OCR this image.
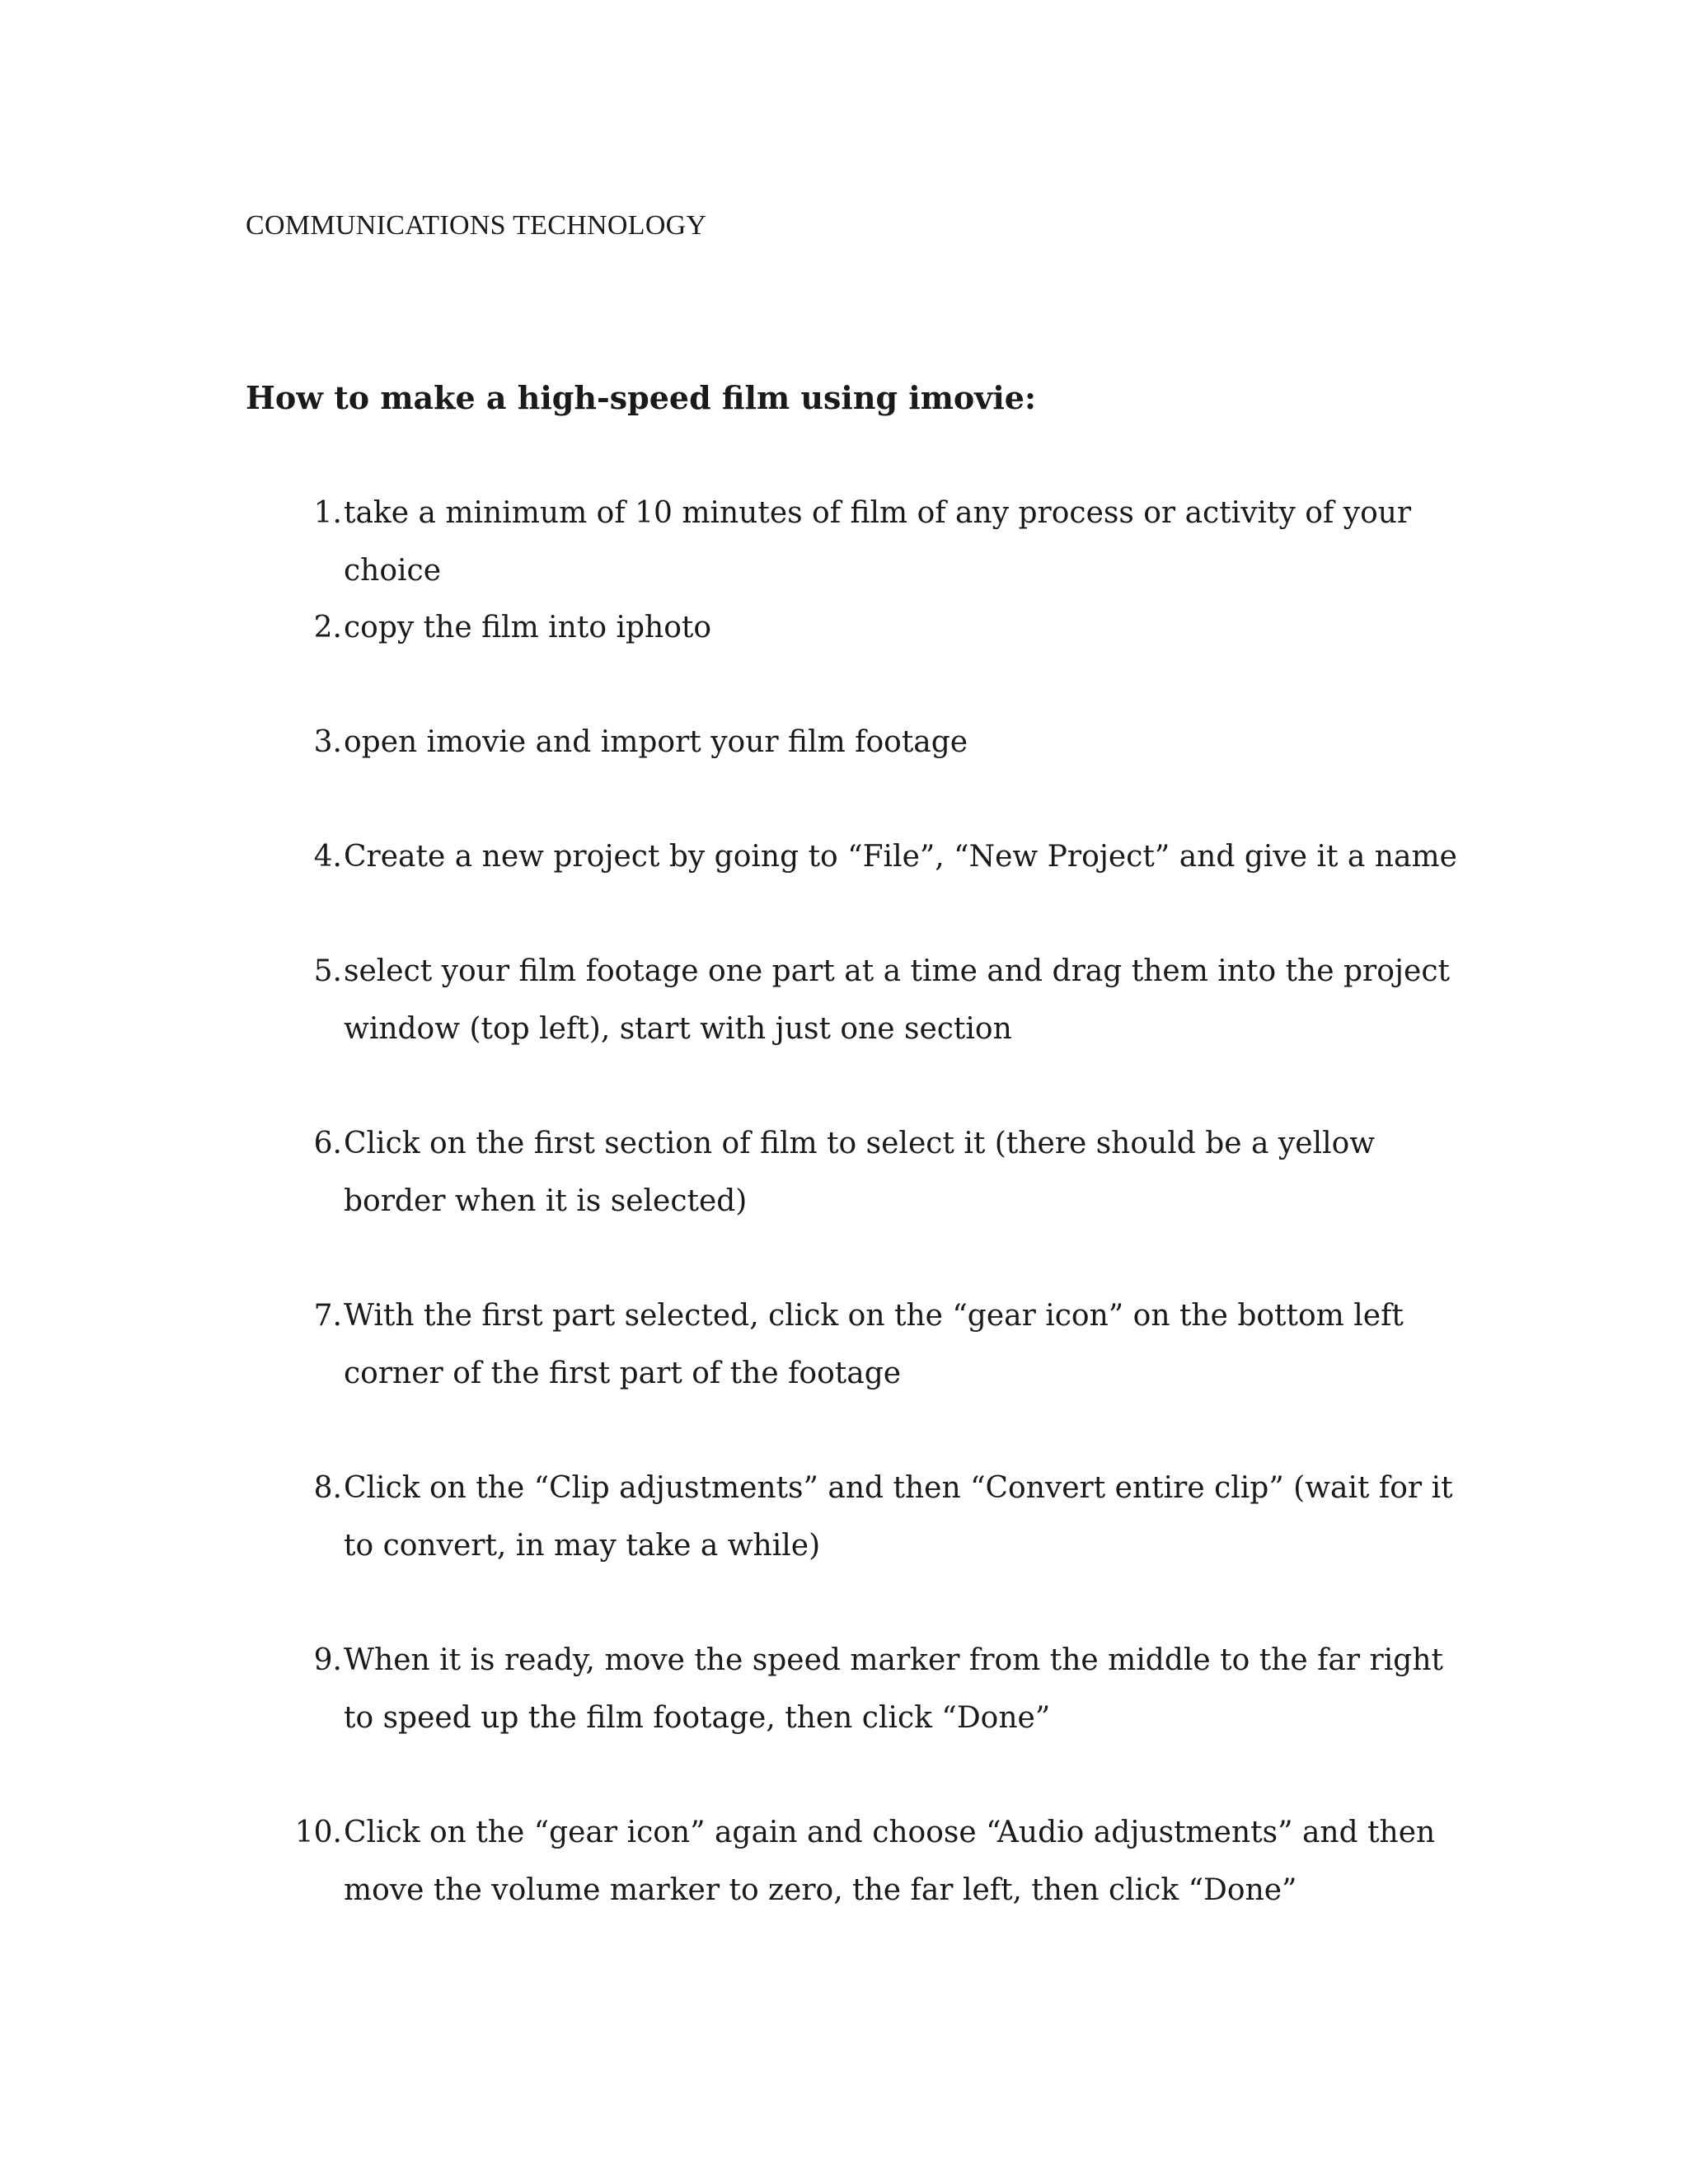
COMMUNICATIONS TECHNOLOGY
How to make a high-speed film using imovie:
1. take a minimum of 10 minutes of film of any process or activity of your choice
2. copy the film into iphoto
3. open imovie and import your film footage
4. Create a new project by going to “File”, “New Project” and give it a name
5. select your film footage one part at a time and drag them into the project window (top left), start with just one section
6. Click on the first section of film to select it (there should be a yellow border when it is selected)
7. With the first part selected, click on the “gear icon” on the bottom left corner of the first part of the footage
8. Click on the “Clip adjustments” and then “Convert entire clip” (wait for it to convert, in may take a while)
9. When it is ready, move the speed marker from the middle to the far right to speed up the film footage, then click “Done”
10. Click on the “gear icon” again and choose “Audio adjustments” and then move the volume marker to zero, the far left, then click “Done”
